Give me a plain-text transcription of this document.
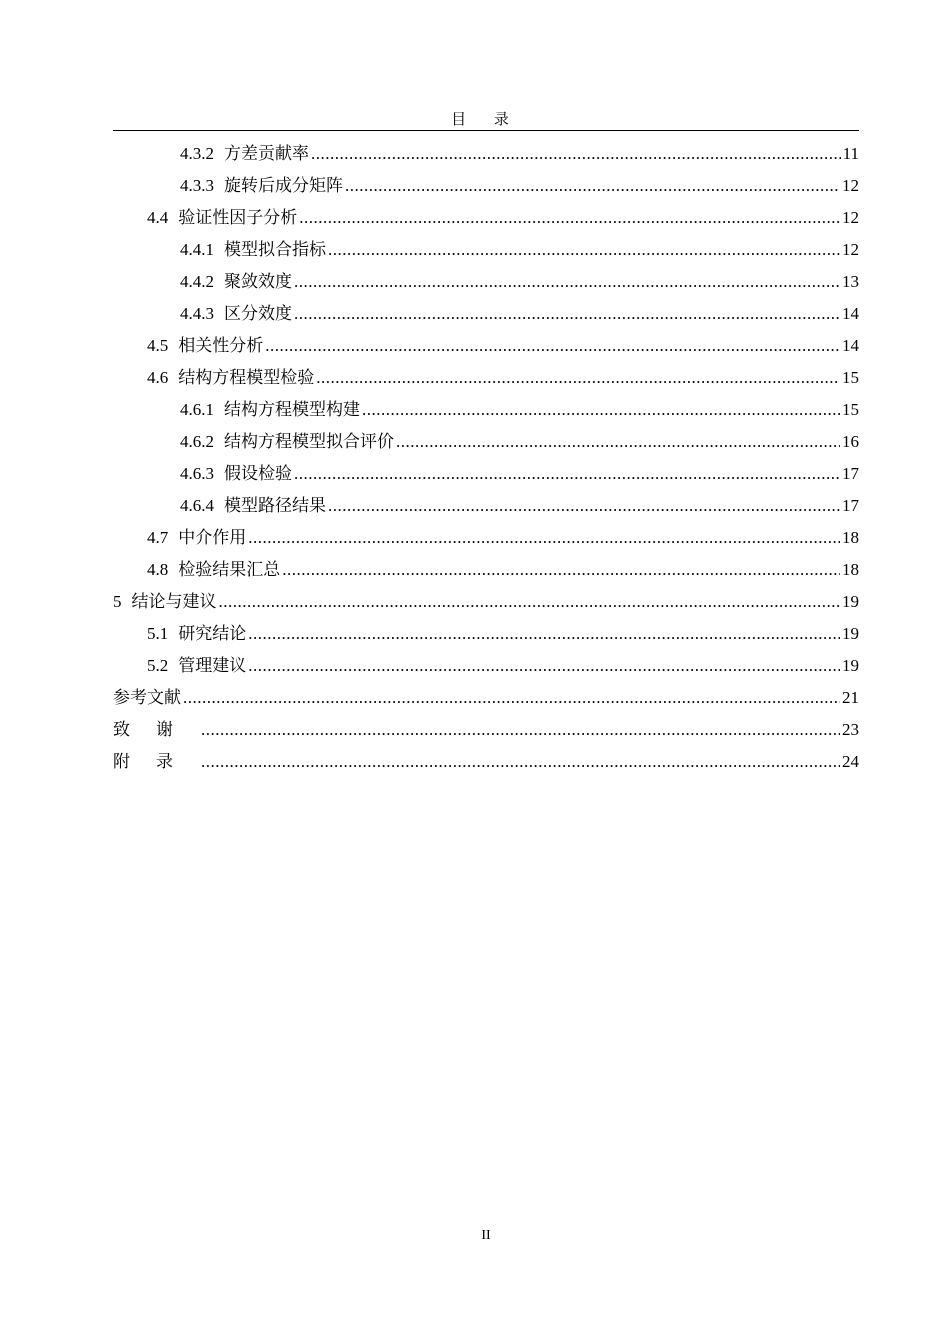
目 录
4.3.2 方差贡献率 .....	11
4.3.3 旋转后成分矩阵 .....	12
4.4 验证性因子分析 .....	12
4.4.1 模型拟合指标 .....	12
4.4.2 聚敛效度 .....	13
4.4.3 区分效度 .....	14
4.5 相关性分析 .....	14
4.6 结构方程模型检验 .....	15
4.6.1 结构方程模型构建 .....	15
4.6.2 结构方程模型拟合评价 .....	16
4.6.3 假设检验 .....	17
4.6.4 模型路径结果 .....	17
4.7 中介作用 .....	18
4.8 检验结果汇总 .....	18
5 结论与建议 .....	19
5.1 研究结论 .....	19
5.2 管理建议 .....	19
参考文献 .....	21
致谢 .....	23
附录 .....	24
II
